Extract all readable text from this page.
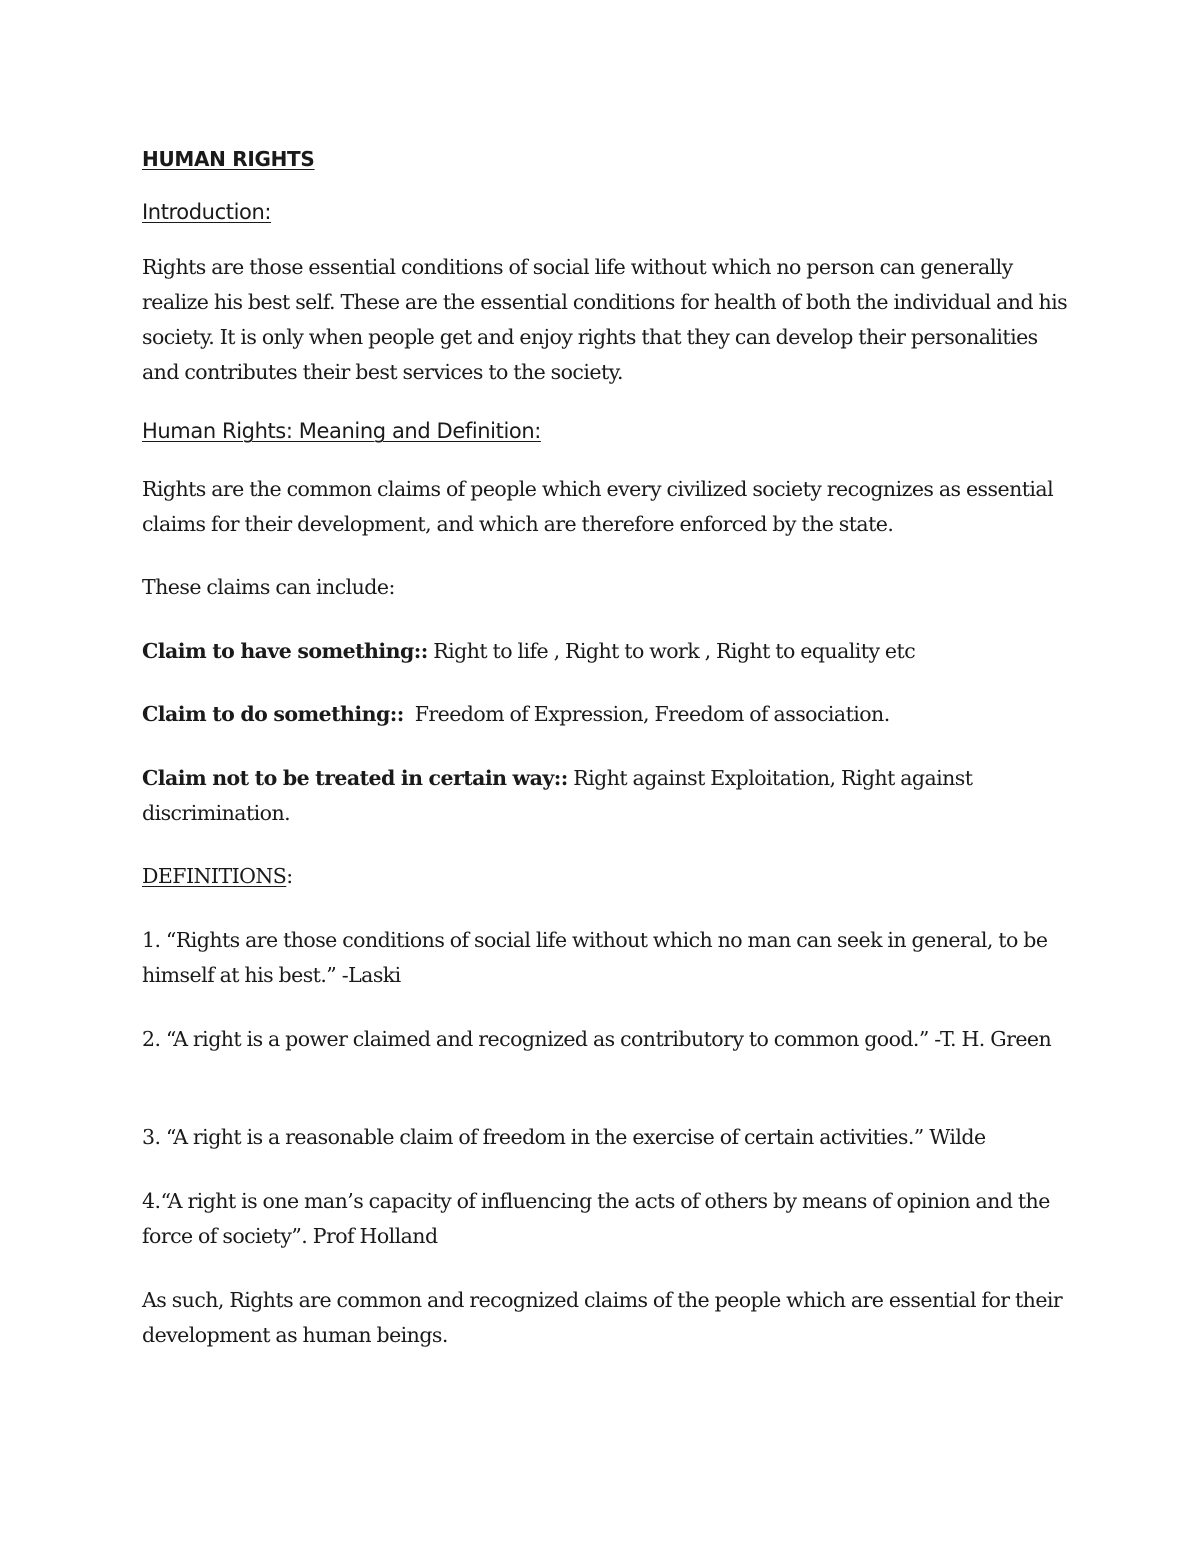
HUMAN RIGHTS
Introduction:
Rights are those essential conditions of social life without which no person can generally realize his best self. These are the essential conditions for health of both the individual and his society. It is only when people get and enjoy rights that they can develop their personalities and contributes their best services to the society.
Human Rights: Meaning and Definition:
Rights are the common claims of people which every civilized society recognizes as essential claims for their development, and which are therefore enforced by the state.
These claims can include:
Claim to have something:: Right to life , Right to work , Right to equality etc
Claim to do something::  Freedom of Expression, Freedom of association.
Claim not to be treated in certain way:: Right against Exploitation, Right against discrimination.
DEFINITIONS:
1. “Rights are those conditions of social life without which no man can seek in general, to be himself at his best.” -Laski
2. “A right is a power claimed and recognized as contributory to common good.” -T. H. Green
3. “A right is a reasonable claim of freedom in the exercise of certain activities.” Wilde
4.“A right is one man’s capacity of influencing the acts of others by means of opinion and the force of society”. Prof Holland
As such, Rights are common and recognized claims of the people which are essential for their development as human beings.
